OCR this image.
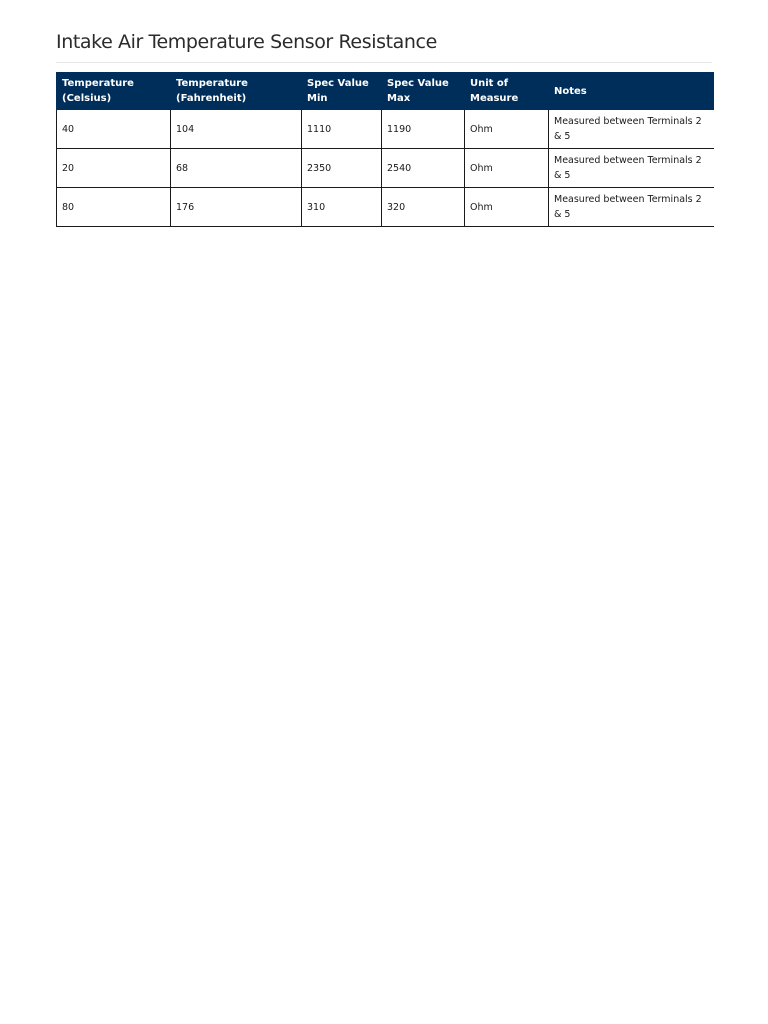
Intake Air Temperature Sensor Resistance
Temperature (Celsius)	Temperature (Fahrenheit)	Spec Value Min	Spec Value Max	Unit of Measure	Notes
40	104	1110	1190	Ohm	Measured between Terminals 2 & 5
20	68	2350	2540	Ohm	Measured between Terminals 2 & 5
80	176	310	320	Ohm	Measured between Terminals 2 & 5
